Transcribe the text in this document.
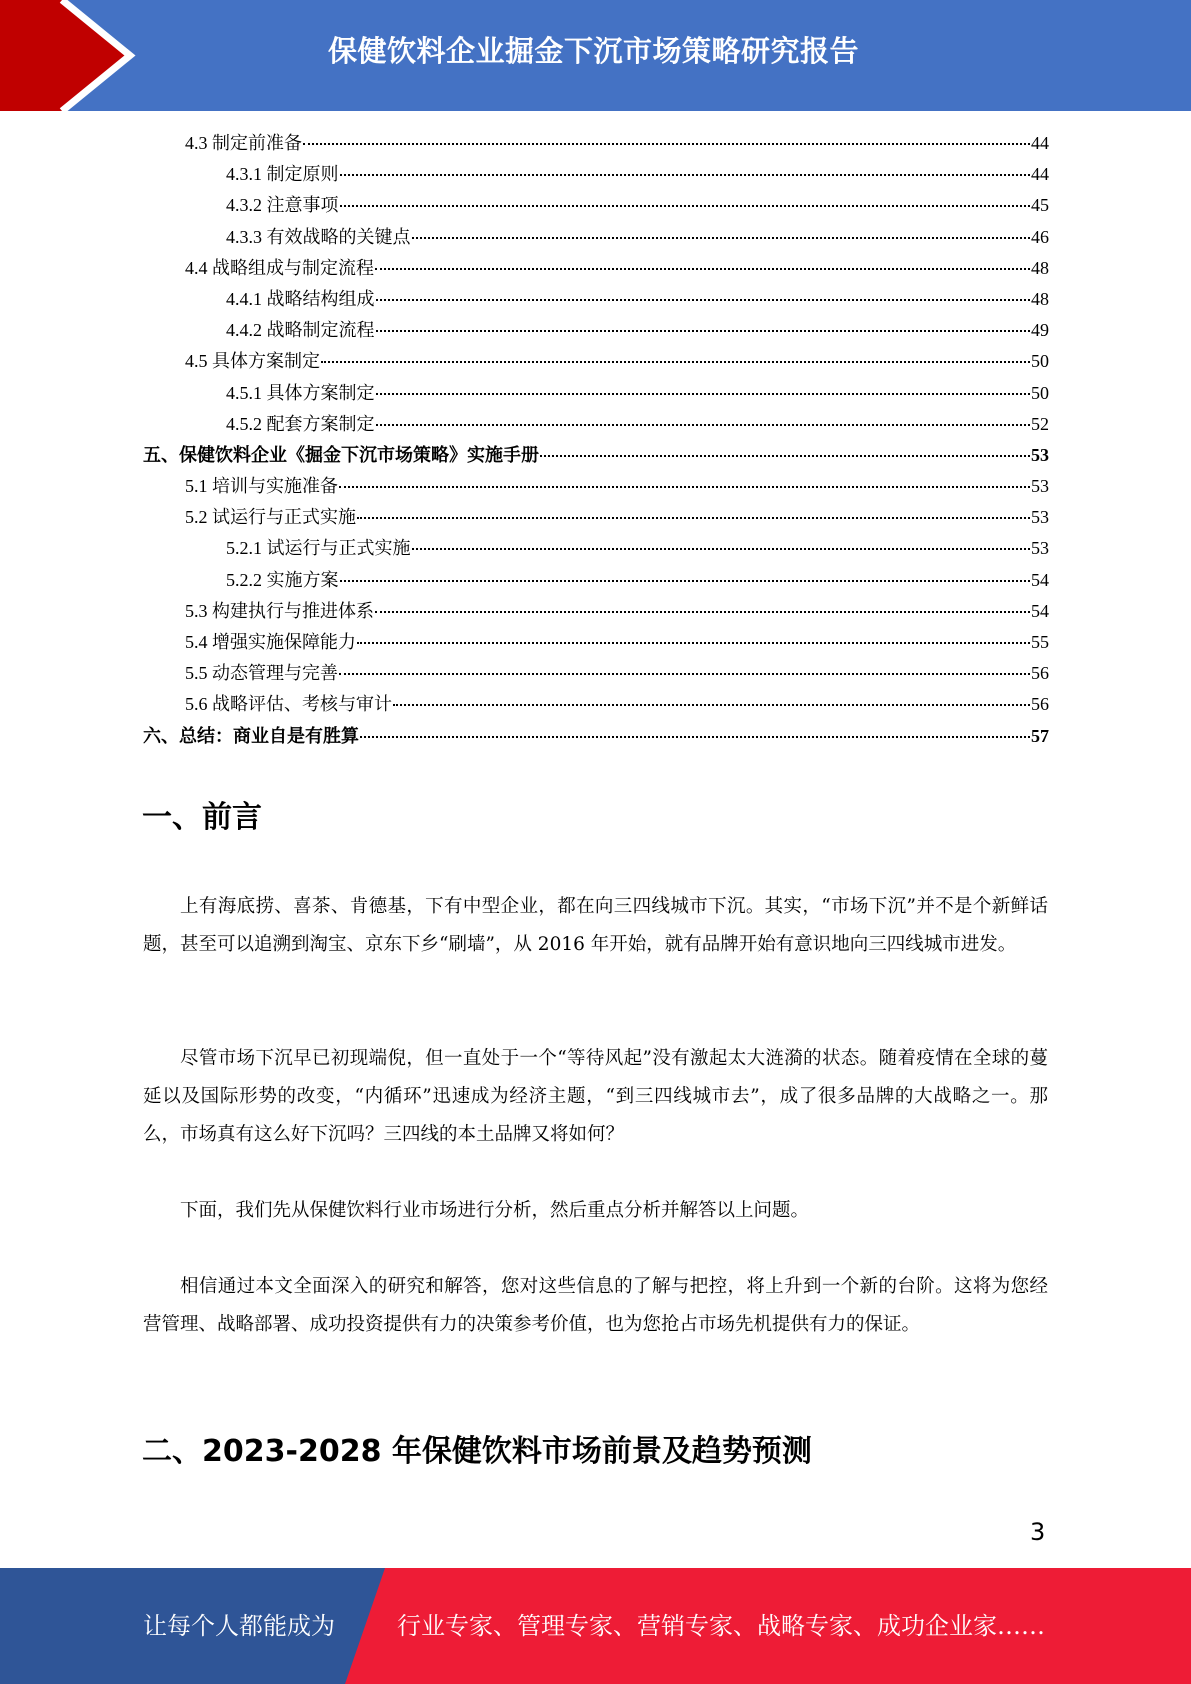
保健饮料企业掘金下沉市场策略研究报告
4.3 制定前准备	44
4.3.1 制定原则	44
4.3.2 注意事项	45
4.3.3 有效战略的关键点	46
4.4 战略组成与制定流程	48
4.4.1 战略结构组成	48
4.4.2 战略制定流程	49
4.5 具体方案制定	50
4.5.1 具体方案制定	50
4.5.2 配套方案制定	52
五、保健饮料企业《掘金下沉市场策略》实施手册	53
5.1 培训与实施准备	53
5.2 试运行与正式实施	53
5.2.1 试运行与正式实施	53
5.2.2 实施方案	54
5.3 构建执行与推进体系	54
5.4 增强实施保障能力	55
5.5 动态管理与完善	56
5.6 战略评估、考核与审计	56
六、总结：商业自是有胜算	57
一、前言
上有海底捞、喜茶、肯德基，下有中型企业，都在向三四线城市下沉。其实，“市场下沉”并不是个新鲜话题，甚至可以追溯到淘宝、京东下乡“刷墙”，从 2016 年开始，就有品牌开始有意识地向三四线城市进发。
尽管市场下沉早已初现端倪，但一直处于一个“等待风起”没有激起太大涟漪的状态。随着疫情在全球的蔓延以及国际形势的改变，“内循环”迅速成为经济主题，“到三四线城市去”，成了很多品牌的大战略之一。那么，市场真有这么好下沉吗？三四线的本土品牌又将如何？
下面，我们先从保健饮料行业市场进行分析，然后重点分析并解答以上问题。
相信通过本文全面深入的研究和解答，您对这些信息的了解与把控，将上升到一个新的台阶。这将为您经营管理、战略部署、成功投资提供有力的决策参考价值，也为您抢占市场先机提供有力的保证。
二、2023-2028 年保健饮料市场前景及趋势预测
3
让每个人都能成为	行业专家、管理专家、营销专家、战略专家、成功企业家……
